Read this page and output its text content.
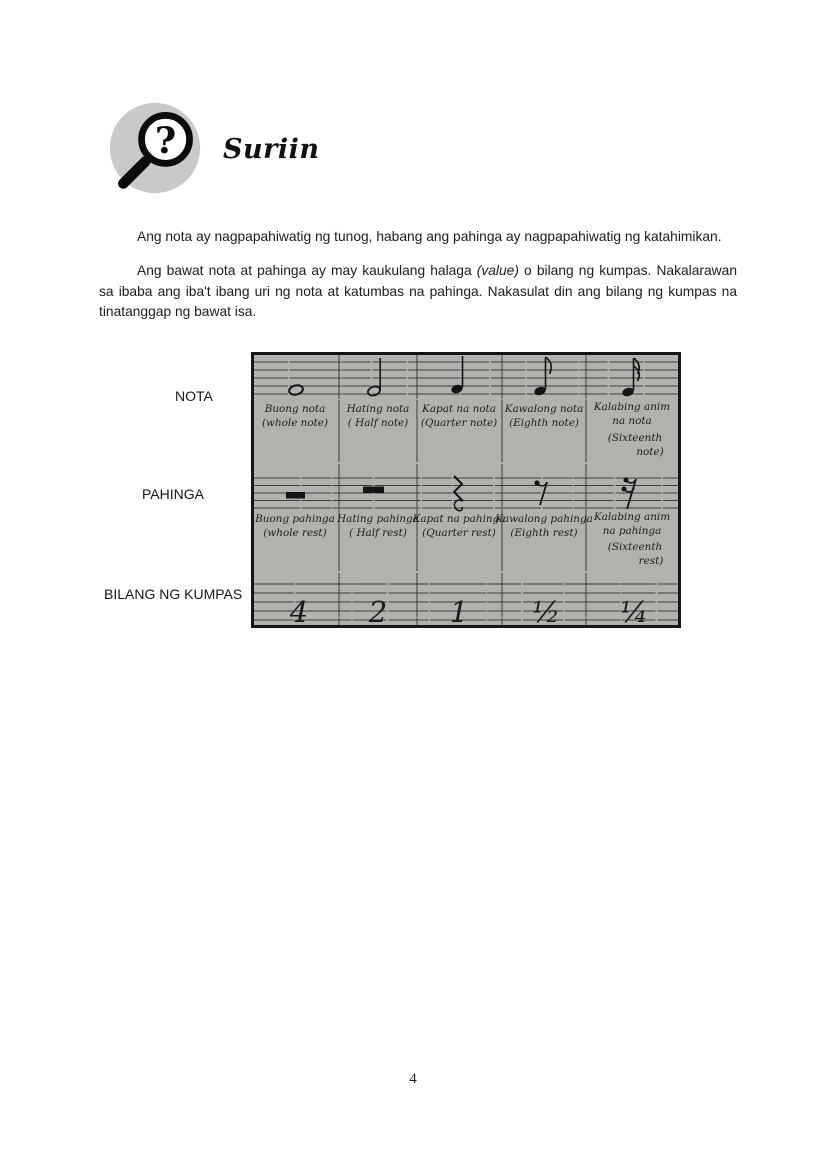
? Suriin

Ang nota ay nagpapahiwatig ng tunog, habang ang pahinga ay nagpapahiwatig ng katahimikan.

Ang bawat nota at pahinga ay may kaukulang halaga (value) o bilang ng kumpas. Nakalarawan sa ibaba ang iba't ibang uri ng nota at katumbas na pahinga. Nakasulat din ang bilang ng kumpas na tinatanggap ng bawat isa.

NOTA
PAHINGA
BILANG NG KUMPAS
Buong nota
(whole note)
Hating nota
( Half note)
Kapat na nota
(Quarter note)
Kawalong nota
(Eighth note)
Kalabing anim
na nota
(Sixteenth
note)
Buong pahinga
(whole rest)
Hating pahinga
( Half rest)
Kapat na pahinga
(Quarter rest)
Kawalong pahinga
(Eighth rest)
Kalabing anim
na pahinga
(Sixteenth
rest)
4 2 1 ½ ¼
4
